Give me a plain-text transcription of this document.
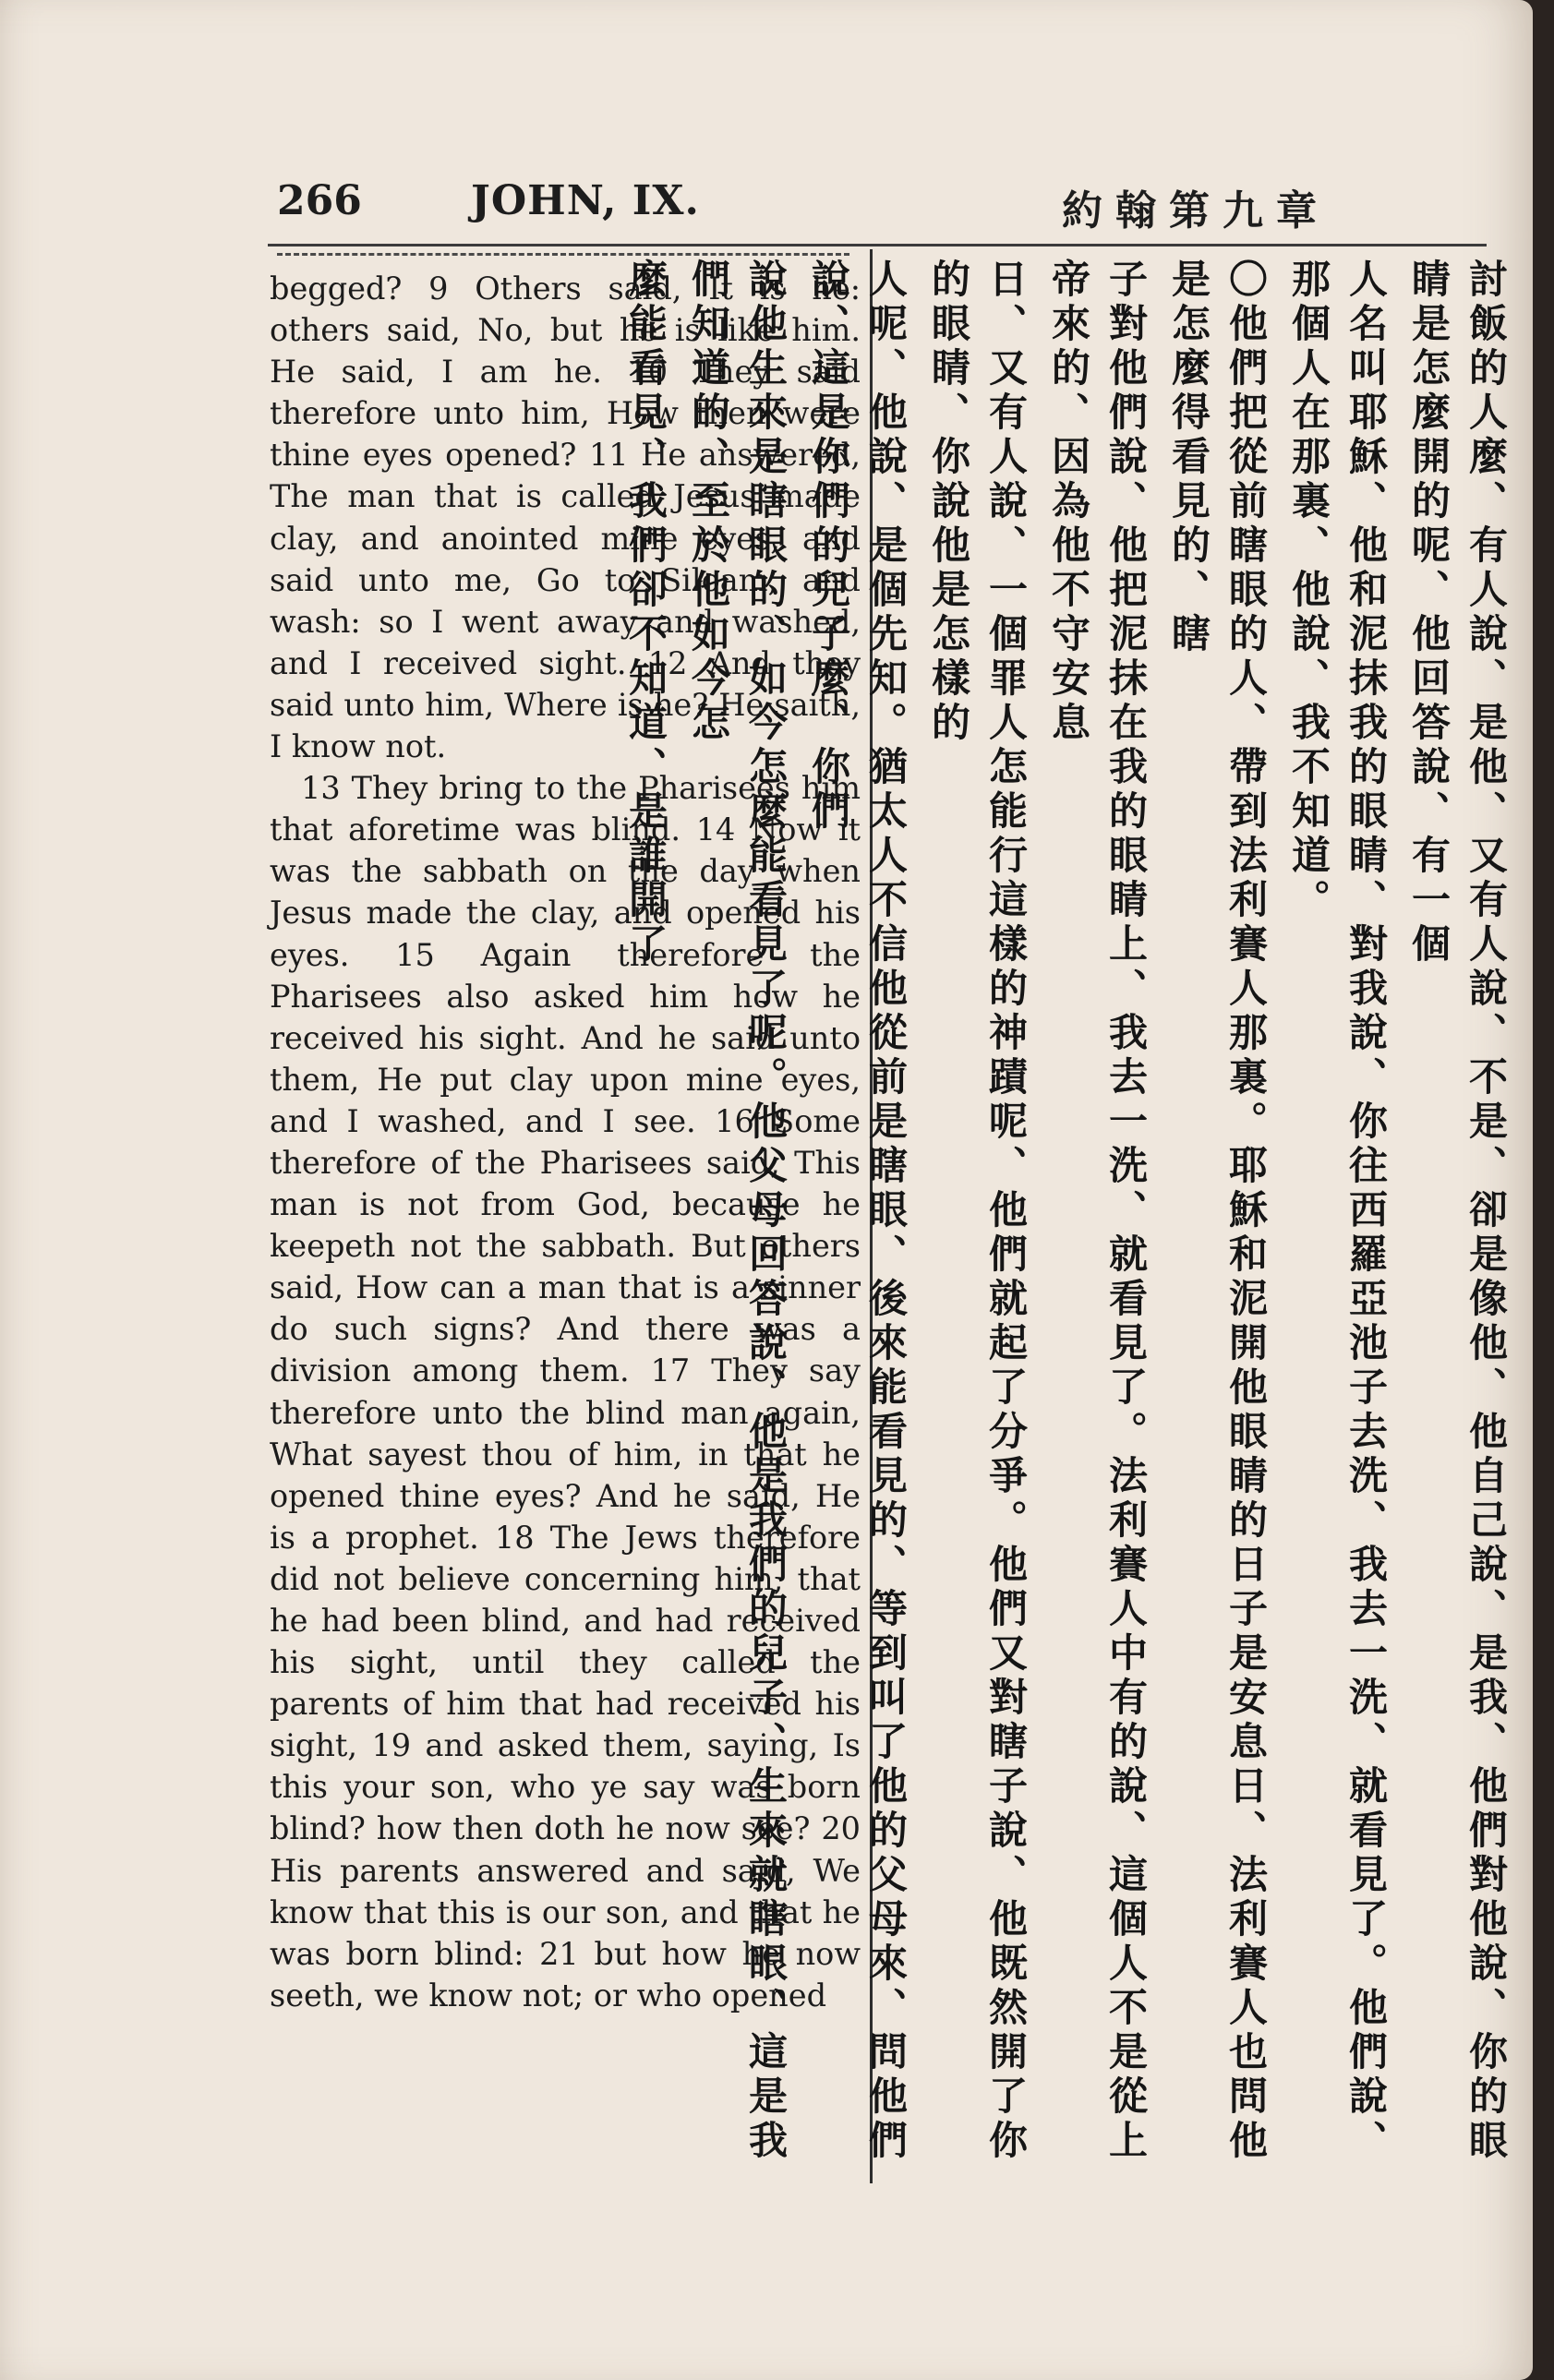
266	JOHN, IX.	約翰第九章

begged? 9 Others said, It is he: others said, No, but he is like him. He said, I am he. 10 They said therefore unto him, How then were thine eyes opened? 11 He answered, The man that is called Jesus made clay, and anointed mine eyes, and said unto me, Go to Siloam, and wash: so I went away and washed, and I received sight. 12 And they said unto him, Where is he? He saith, I know not.

13 They bring to the Pharisees him that aforetime was blind. 14 Now it was the sabbath on the day when Jesus made the clay, and opened his eyes. 15 Again therefore the Pharisees also asked him how he received his sight. And he said unto them, He put clay upon mine eyes, and I washed, and I see. 16 Some therefore of the Pharisees said, This man is not from God, because he keepeth not the sabbath. But others said, How can a man that is a sinner do such signs? And there was a division among them. 17 They say therefore unto the blind man again, What sayest thou of him, in that he opened thine eyes? And he said, He is a prophet. 18 The Jews therefore did not believe concerning him, that he had been blind, and had received his sight, until they called the parents of him that had received his sight, 19 and asked them, saying, Is this your son, who ye say was born blind? how then doth he now see? 20 His parents answered and said, We know that this is our son, and that he was born blind: 21 but how he now seeth, we know not; or who opened	討飯的人麼、有人說、是他、又有人說、不是、卻是像他、他自己說、是我、他們對他說、你的眼睛是怎麼開的呢、他回答說、有一個
人名叫耶穌、他和泥抹我的眼睛、對我說、你往西羅亞池子去洗、我去一洗、就看見了。他們說、那個人在那裏、他說、我不知道。
〇他們把從前瞎眼的人、帶到法利賽人那裏。耶穌和泥開他眼睛的日子是安息日、法利賽人也問他是怎麼得看見的、瞎
子對他們說、他把泥抹在我的眼睛上、我去一洗、就看見了。法利賽人中有的說、這個人不是從上帝來的、因為他不守安息
日、又有人說、一個罪人怎能行這樣的神蹟呢、他們就起了分爭。他們又對瞎子說、他既然開了你的眼睛、你說他是怎樣的
人呢、他說、是個先知。猶太人不信他從前是瞎眼、後來能看見的、等到叫了他的父母來、問他們說、這是你們的兒子麼、你們
說他生來是瞎眼的、如今怎麼能看見了呢。他父母回答說、他是我們的兒子、生來就瞎眼、這是我們知道的、至於他如今怎
麼能看見、我們卻不知道、是誰開了
